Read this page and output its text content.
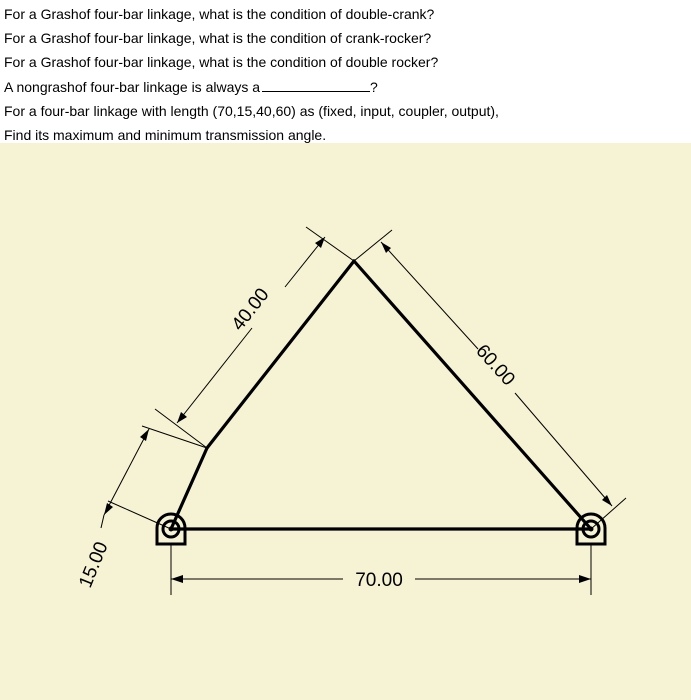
For a Grashof four-bar linkage, what is the condition of double-crank?
For a Grashof four-bar linkage, what is the condition of crank-rocker?
For a Grashof four-bar linkage, what is the condition of double rocker?
A nongrashof four-bar linkage is always a	?
For a four-bar linkage with length (70,15,40,60) as (fixed, input, coupler, output),
Find its maximum and minimum transmission angle.
70.00
15.00
40.00
60.00
